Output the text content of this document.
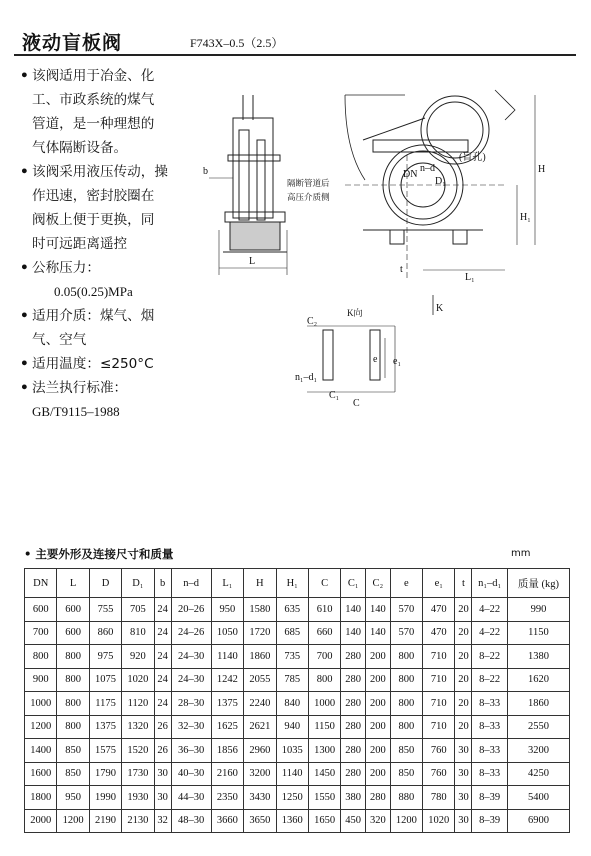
液动盲板阀	F743X–0.5（2.5）
• 该阀适用于冶金、化
工、市政系统的煤气
管道，是一种理想的
气体隔断设备。
• 该阀采用液压传动，操
作迅速，密封胶圈在
阀板上便于更换，同
时可远距离遥控
• 公称压力：
0.05(0.25)MPa
• 适用介质：煤气、烟
气、空气
• 适用温度：≤250°C
• 法兰执行标准：
GB/T9115–1988
b
L
隔断管道后
高压介质侧
DN
n–d
D₁
(盲孔)
H
H₁
t
L₁
K
C₂
K向
e e₁
n₁–d₁
C₁
C
• 主要外形及连接尺寸和质量	mm
DN	L	D	D₁	b	n–d	L₁	H	H₁	C	C₁	C₂	e	e₁	t	n₁–d₁	质量 (kg)
600	600	755	705	24	20–26	950	1580	635	610	140	140	570	470	20	4–22	990
700	600	860	810	24	24–26	1050	1720	685	660	140	140	570	470	20	4–22	1150
800	800	975	920	24	24–30	1140	1860	735	700	280	200	800	710	20	8–22	1380
900	800	1075	1020	24	24–30	1242	2055	785	800	280	200	800	710	20	8–22	1620
1000	800	1175	1120	24	28–30	1375	2240	840	1000	280	200	800	710	20	8–33	1860
1200	800	1375	1320	26	32–30	1625	2621	940	1150	280	200	800	710	20	8–33	2550
1400	850	1575	1520	26	36–30	1856	2960	1035	1300	280	200	850	760	30	8–33	3200
1600	850	1790	1730	30	40–30	2160	3200	1140	1450	280	200	850	760	30	8–33	4250
1800	950	1990	1930	30	44–30	2350	3430	1250	1550	380	280	880	780	30	8–39	5400
2000	1200	2190	2130	32	48–30	3660	3650	1360	1650	450	320	1200	1020	30	8–39	6900
